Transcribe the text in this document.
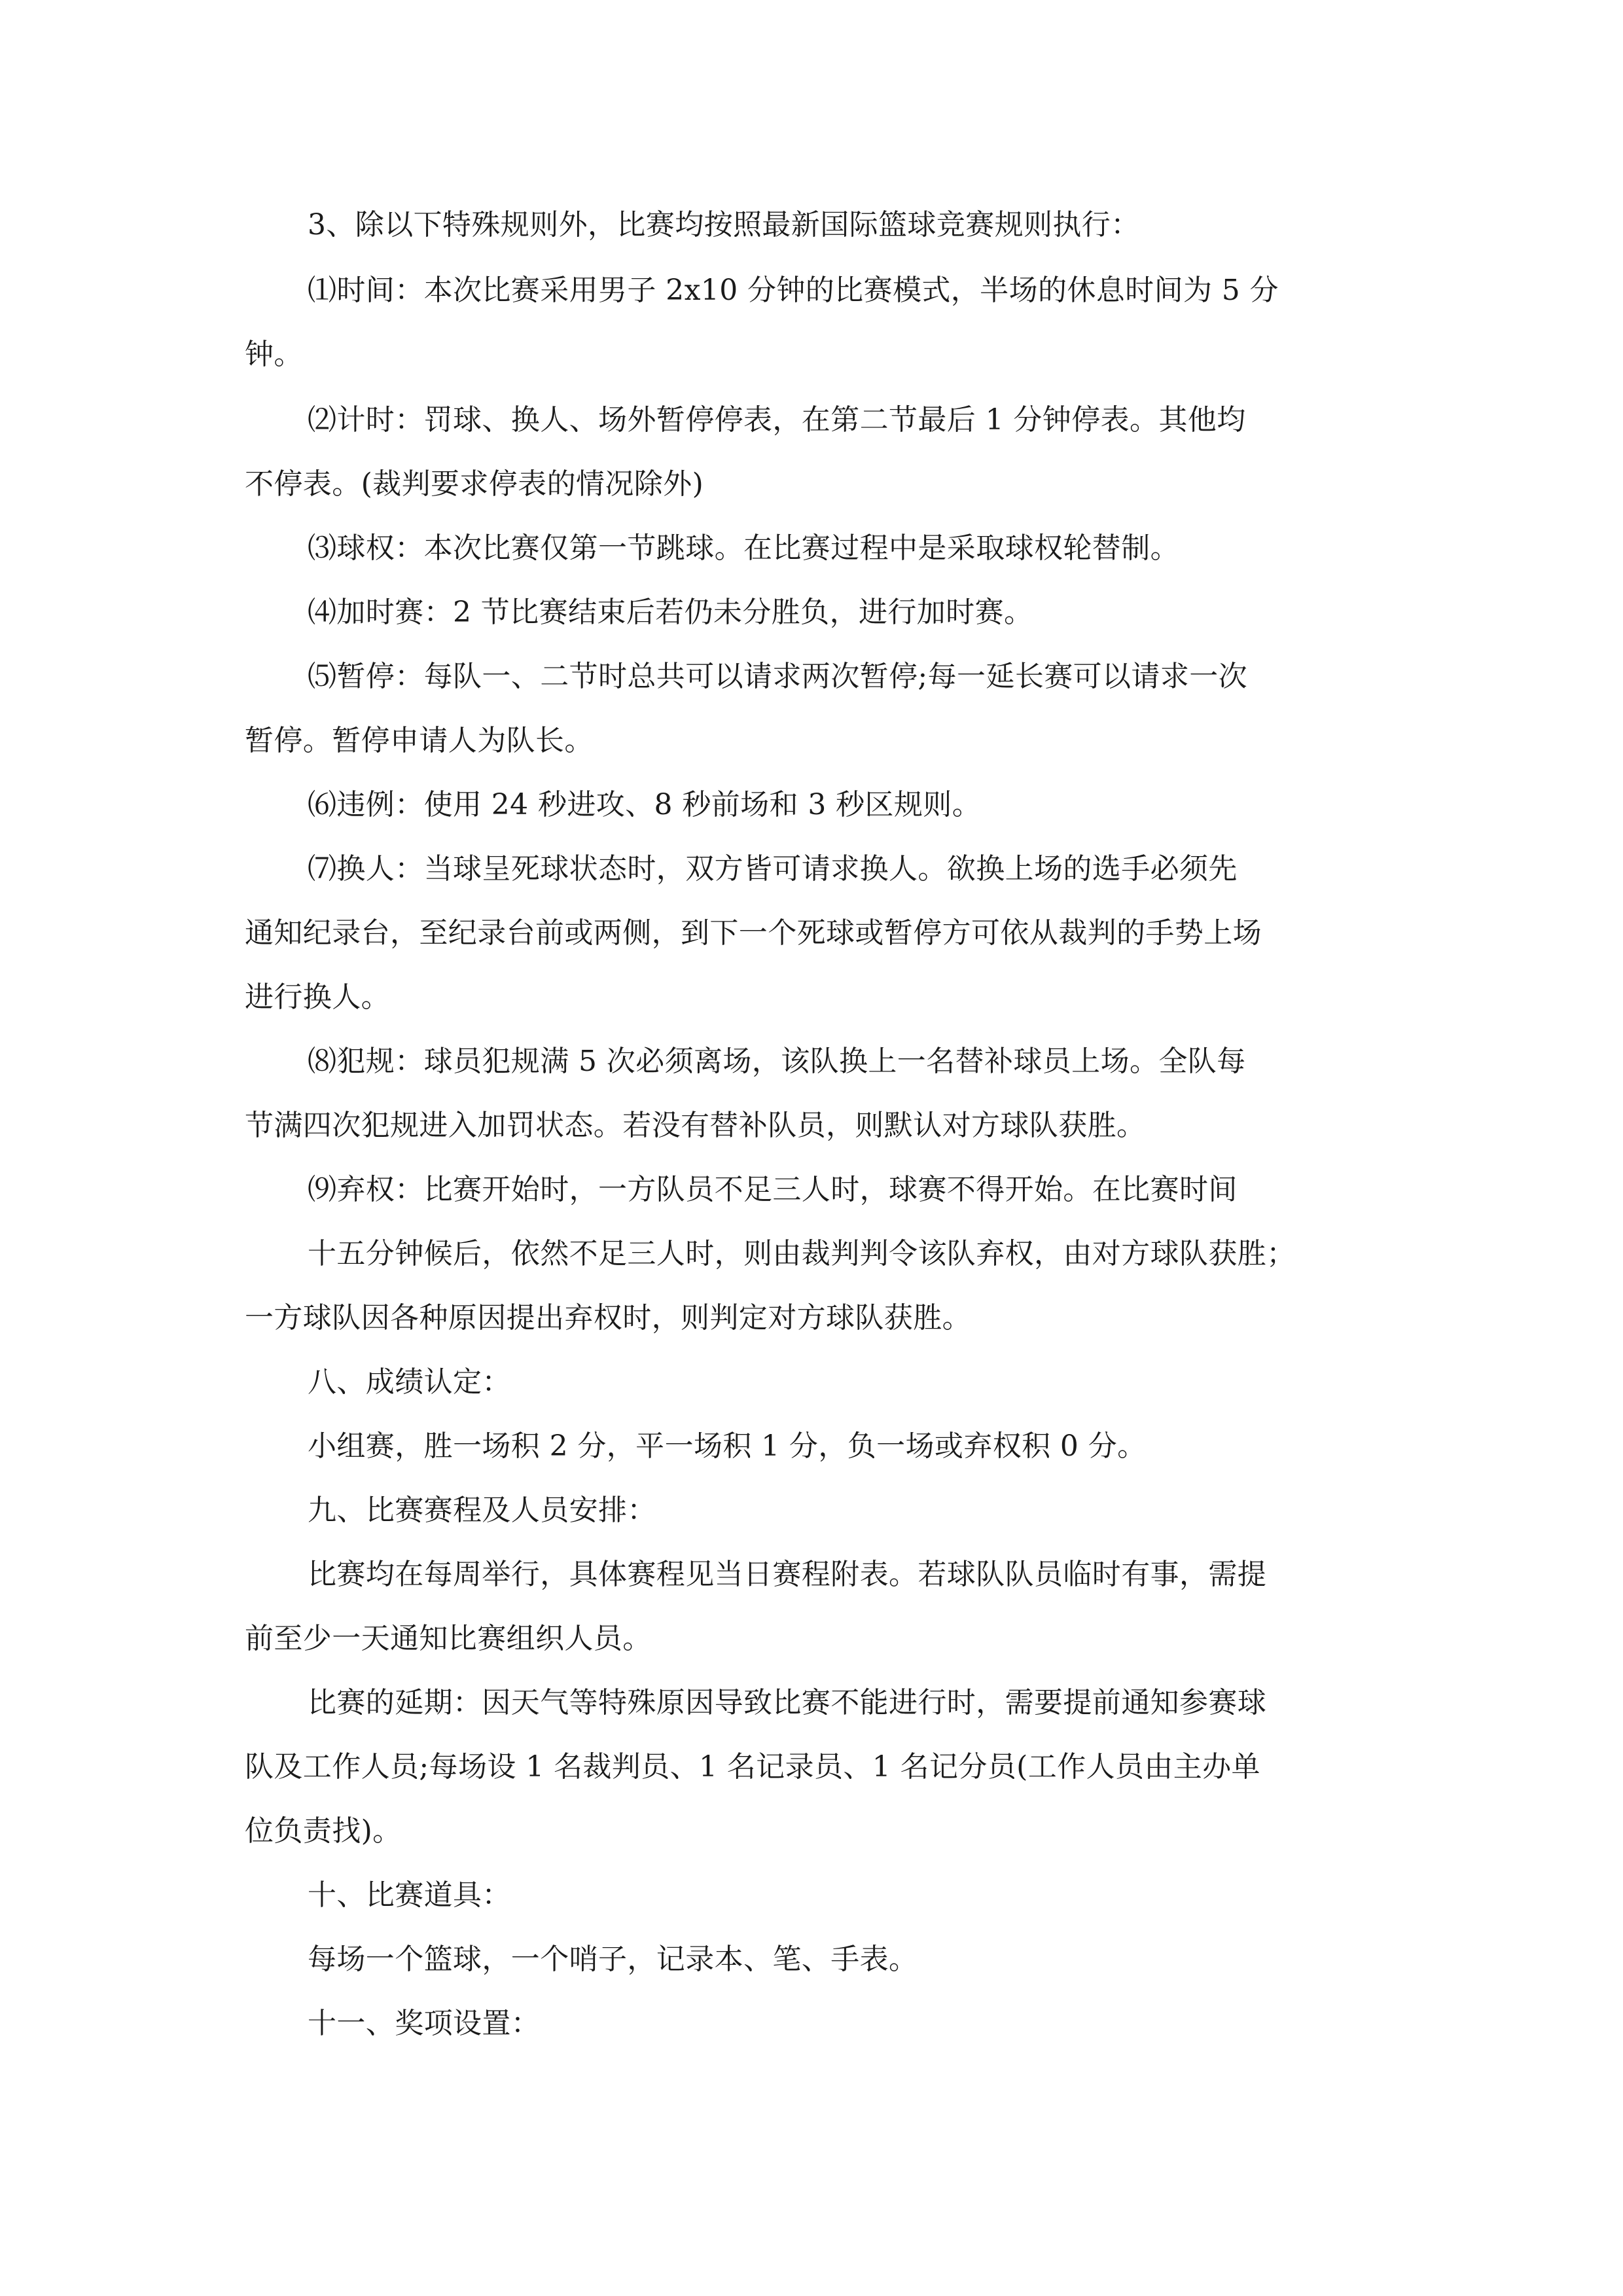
3、除以下特殊规则外，比赛均按照最新国际篮球竞赛规则执行：
⑴时间：本次比赛采用男子 2x10 分钟的比赛模式，半场的休息时间为 5 分
钟。
⑵计时：罚球、换人、场外暂停停表，在第二节最后 1 分钟停表。其他均
不停表。(裁判要求停表的情况除外)
⑶球权：本次比赛仅第一节跳球。在比赛过程中是采取球权轮替制。
⑷加时赛：2 节比赛结束后若仍未分胜负，进行加时赛。
⑸暂停：每队一、二节时总共可以请求两次暂停;每一延长赛可以请求一次
暂停。暂停申请人为队长。
⑹违例：使用 24 秒进攻、8 秒前场和 3 秒区规则。
⑺换人：当球呈死球状态时，双方皆可请求换人。欲换上场的选手必须先
通知纪录台，至纪录台前或两侧，到下一个死球或暂停方可依从裁判的手势上场
进行换人。
⑻犯规：球员犯规满 5 次必须离场，该队换上一名替补球员上场。全队每
节满四次犯规进入加罚状态。若没有替补队员，则默认对方球队获胜。
⑼弃权：比赛开始时，一方队员不足三人时，球赛不得开始。在比赛时间
十五分钟候后，依然不足三人时，则由裁判判令该队弃权，由对方球队获胜；
一方球队因各种原因提出弃权时，则判定对方球队获胜。
八、成绩认定：
小组赛，胜一场积 2 分，平一场积 1 分，负一场或弃权积 0 分。
九、比赛赛程及人员安排：
比赛均在每周举行，具体赛程见当日赛程附表。若球队队员临时有事，需提
前至少一天通知比赛组织人员。
比赛的延期：因天气等特殊原因导致比赛不能进行时，需要提前通知参赛球
队及工作人员;每场设 1 名裁判员、1 名记录员、1 名记分员(工作人员由主办单
位负责找)。
十、比赛道具：
每场一个篮球，一个哨子，记录本、笔、手表。
十一、奖项设置：
